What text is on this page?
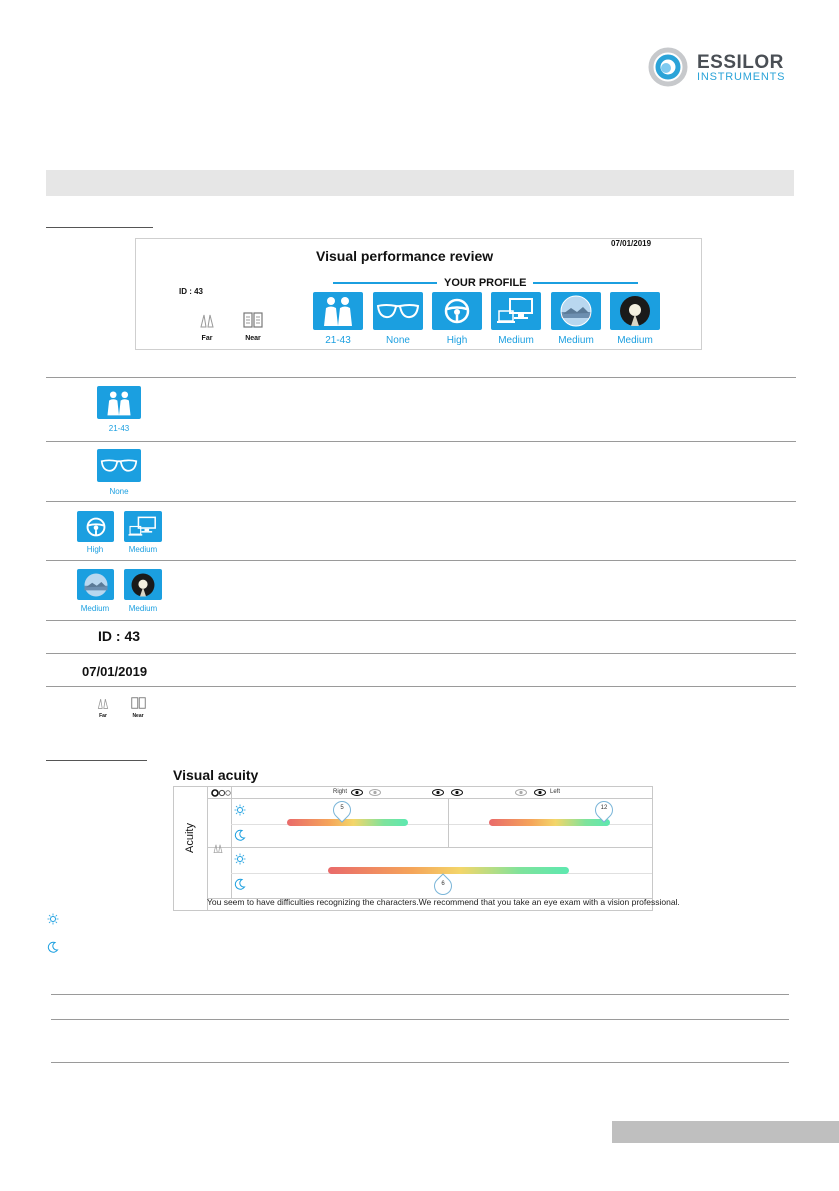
ESSILOR
INSTRUMENTS
Visual performance review
07/01/2019
ID : 43
YOUR PROFILE
Far	Near	21-43	None	High	Medium	Medium	Medium
21-43
None
High	Medium
Medium	Medium
ID : 43
07/01/2019
Far	Near
Visual acuity
Acuity
Right	Left
5	12
6
You seem to have difficulties recognizing the characters.We recommend that you take an eye exam with a vision professional.
